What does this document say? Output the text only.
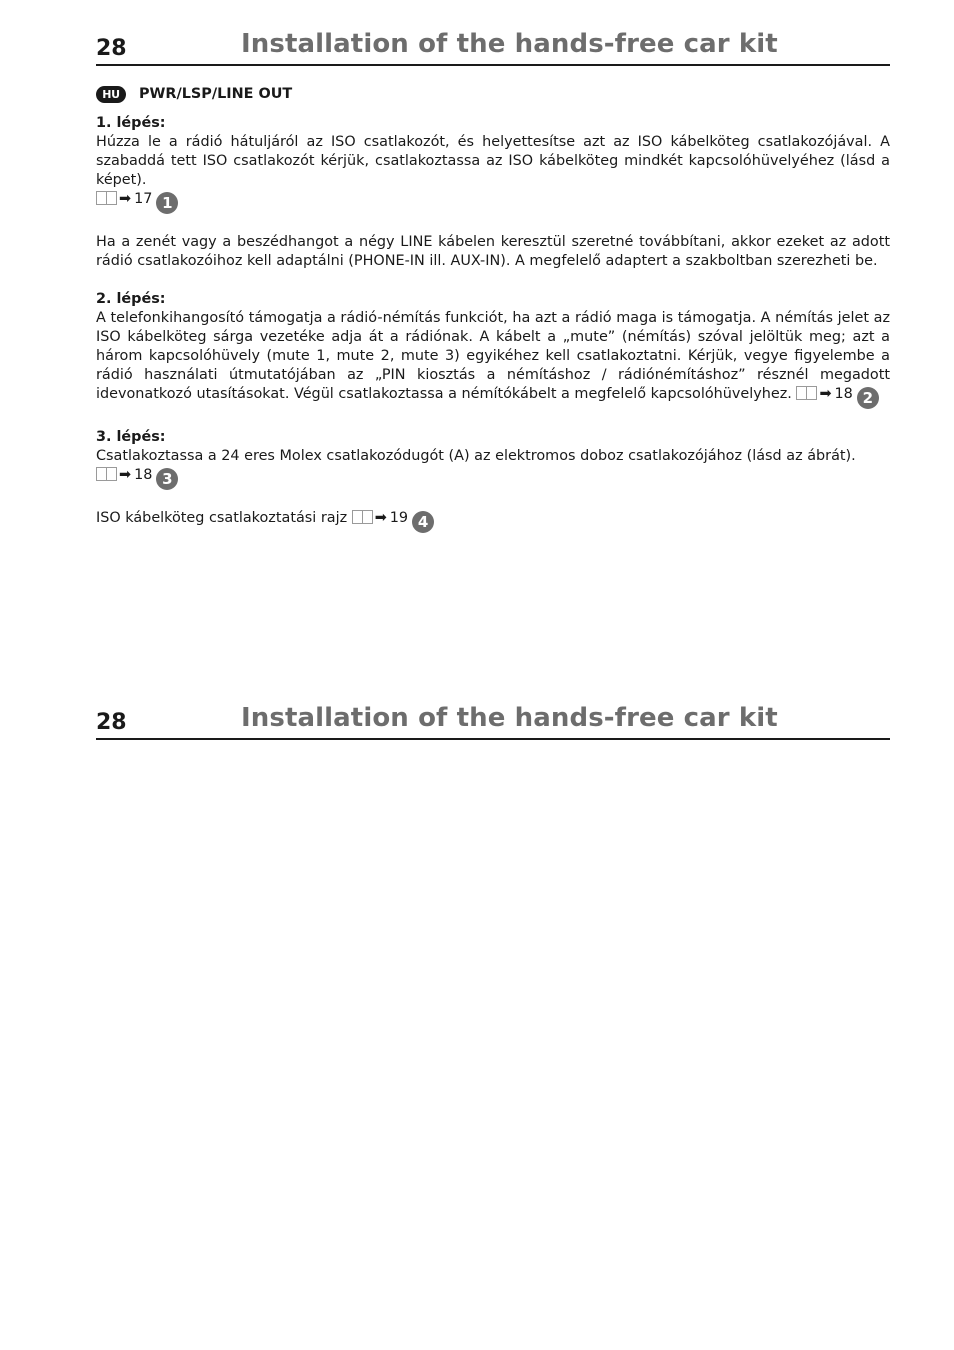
28	Installation of the hands-free car kit
HU	PWR/LSP/LINE OUT
1. lépés:

Húzza le a rádió hátuljáról az ISO csatlakozót, és helyettesítse azt az ISO kábelköteg csatlakozójával. A szabaddá tett ISO csatlakozót kérjük, csatlakoztassa az ISO kábelköteg mindkét kapcsolóhüvelyéhez (lásd a képet).

➡ 17 1

Ha a zenét vagy a beszédhangot a négy LINE kábelen keresztül szeretné továbbítani, akkor ezeket az adott rádió csatlakozóihoz kell adaptálni (PHONE-IN ill. AUX-IN). A megfelelő adaptert a szakboltban szerezheti be.

2. lépés:

A telefonkihangosító támogatja a rádió-némítás funkciót, ha azt a rádió maga is támogatja. A némítás jelet az ISO kábelköteg sárga vezetéke adja át a rádiónak. A kábelt a „mute” (némítás) szóval jelöltük meg; azt a három kapcsolóhüvely (mute 1, mute 2, mute 3) egyikéhez kell csatlakoztatni. Kérjük, vegye figyelembe a rádió használati útmutatójában az „PIN kiosztás a némításhoz / rádiónémításhoz” résznél megadott idevonatkozó utasításokat. Végül csatlakoztassa a némítókábelt a megfelelő kapcsolóhüvelyhez. ➡ 18 2

3. lépés:

Csatlakoztassa a 24 eres Molex csatlakozódugót (A) az elektromos doboz csatlakozójához (lásd az ábrát).

➡ 18 3

ISO kábelköteg csatlakoztatási rajz ➡ 19 4

28	Installation of the hands-free car kit
